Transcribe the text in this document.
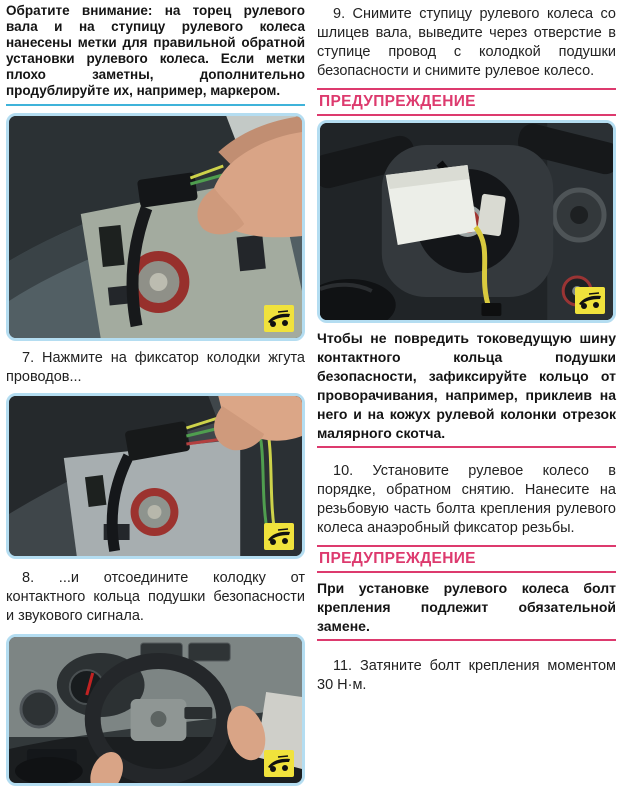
Обратите внимание: на торец рулевого вала и на ступицу рулевого колеса нанесены метки для правильной обратной установки рулевого колеса. Если метки плохо заметны, дополнительно продублируйте их, например, маркером.

7. Нажмите на фиксатор колодки жгута проводов...

8. ...и отсоедините колодку от контактного кольца подушки безопасности и звукового сигнала.

9. Снимите ступицу рулевого колеса со шлицев вала, выведите через отверстие в ступице провод с колодкой подушки безопасности и снимите рулевое колесо.

ПРЕДУПРЕЖДЕНИЕ

Чтобы не повредить токоведущую шину контактного кольца подушки безопасности, зафиксируйте кольцо от проворачивания, например, приклеив на него и на кожух рулевой колонки отрезок малярного скотча.

10. Установите рулевое колесо в порядке, обратном снятию. Нанесите на резьбовую часть болта крепления рулевого колеса анаэробный фиксатор резьбы.

ПРЕДУПРЕЖДЕНИЕ

При установке рулевого колеса болт крепления подлежит обязательной замене.

11. Затяните болт крепления моментом 30 Н·м.
